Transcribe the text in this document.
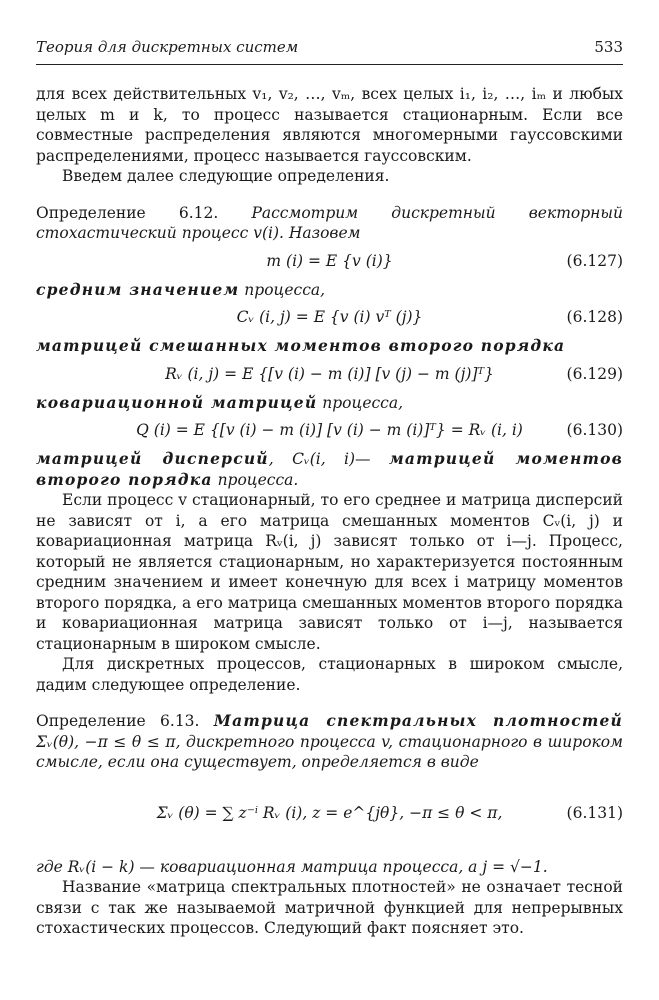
Теория для дискретных систем	533

для всех действительных v₁, v₂, …, vₘ, всех целых i₁, i₂, …, iₘ и любых целых m и k, то процесс называется стационарным. Если все совместные распределения являются многомерными гауссовскими распределениями, процесс называется гауссовским.

Введем далее следующие определения.

Определение 6.12. Рассмотрим дискретный векторный стохастический процесс v(i). Назовем

m (i) = E {v (i)}	(6.127)

средним значением процесса,

Cᵥ (i, j) = E {v (i) vᵀ (j)}	(6.128)

матрицей смешанных моментов второго порядка

Rᵥ (i, j) = E {[v (i) − m (i)] [v (j) − m (j)]ᵀ}	(6.129)

ковариационной матрицей процесса,

Q (i) = E {[v (i) − m (i)] [v (i) − m (i)]ᵀ} = Rᵥ (i, i)	(6.130)

матрицей дисперсий, Cᵥ(i, i)— матрицей моментов второго порядка процесса.

Если процесс v стационарный, то его среднее и матрица дисперсий не зависят от i, а его матрица смешанных моментов Cᵥ(i, j) и ковариационная матрица Rᵥ(i, j) зависят только от i—j. Процесс, который не является стационарным, но характеризуется постоянным средним значением и имеет конечную для всех i матрицу моментов второго порядка, а его матрица смешанных моментов второго порядка и ковариационная матрица зависят только от i—j, называется стационарным в широком смысле.

Для дискретных процессов, стационарных в широком смысле, дадим следующее определение.

Определение 6.13. Матрица спектральных плотностей Σᵥ(θ), −π ≤ θ ≤ π, дискретного процесса v, стационарного в широком смысле, если она существует, определяется в виде

Σᵥ (θ) = ∑ z⁻ⁱ Rᵥ (i), z = e^{jθ}, −π ≤ θ < π,	(6.131)

где Rᵥ(i − k) — ковариационная матрица процесса, а j = √−1.

Название «матрица спектральных плотностей» не означает тесной связи с так же называемой матричной функцией для непрерывных стохастических процессов. Следующий факт поясняет это.
